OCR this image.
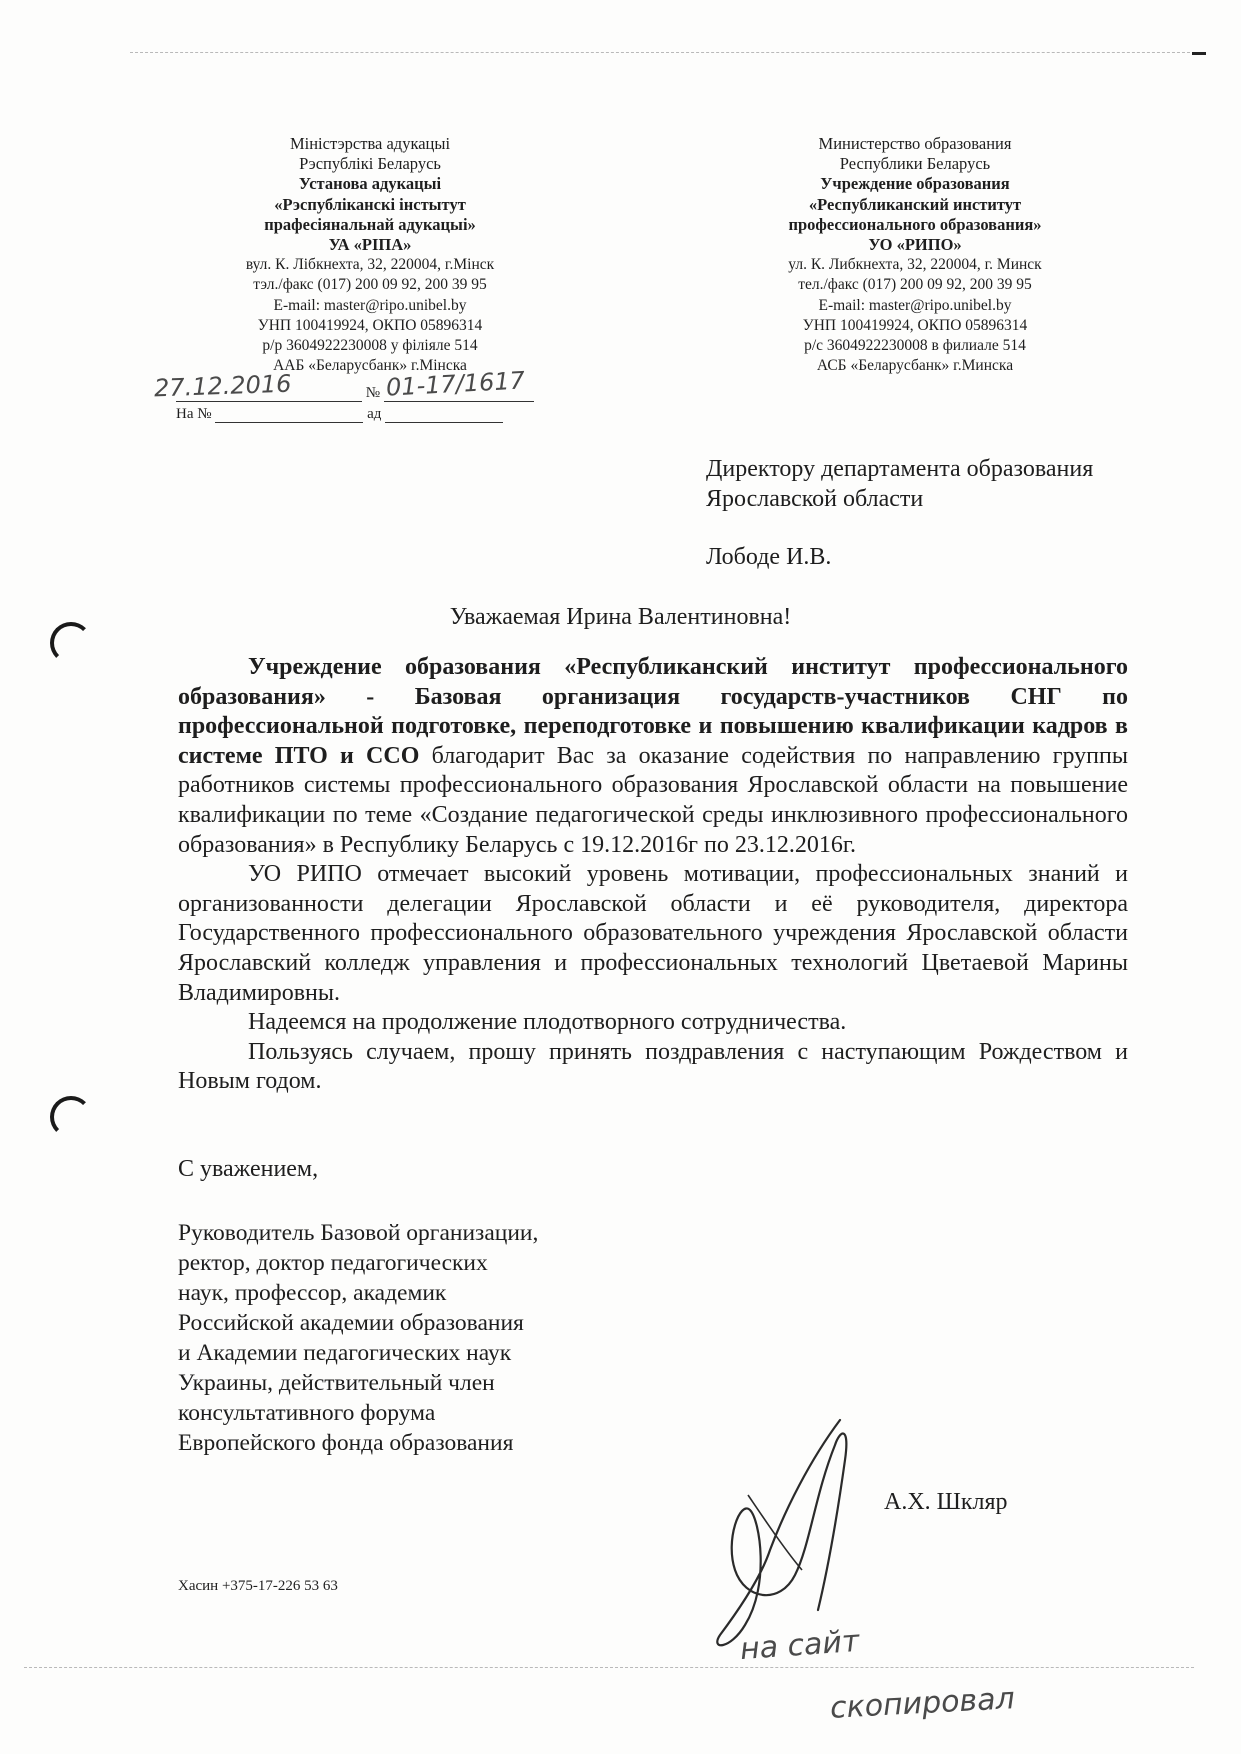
Міністэрства адукацыі
Рэспублікі Беларусь
Установа адукацыі
«Рэспубліканскі інстытут
прафесіянальнай адукацыі»
УА «РІПА»
вул. К. Лібкнехта, 32, 220004, г.Мінск
тэл./факс (017) 200 09 92, 200 39 95
E-mail: master@ripo.unibel.by
УНП 100419924, ОКПО 05896314
р/р 3604922230008 у філіяле 514
ААБ «Беларусбанк» г.Мінска
Министерство образования
Республики Беларусь
Учреждение образования
«Республиканский институт
профессионального образования»
УО «РИПО»
ул. К. Либкнехта, 32, 220004, г. Минск
тел./факс (017) 200 09 92, 200 39 95
E-mail: master@ripo.unibel.by
УНП 100419924, ОКПО 05896314
р/с 3604922230008 в филиале 514
АСБ «Беларусбанк» г.Минска
№
27.12.2016	01-17/1617
На №	ад
Директору департамента образования
Ярославской области
Лободе И.В.
Уважаемая Ирина Валентиновна!

Учреждение образования «Республиканский институт профессионального образования» - Базовая организация государств-участников СНГ по профессиональной подготовке, переподготовке и повышению квалификации кадров в системе ПТО и ССО благодарит Вас за оказание содействия по направлению группы работников системы профессионального образования Ярославской области на повышение квалификации по теме «Создание педагогической среды инклюзивного профессионального образования» в Республику Беларусь с 19.12.2016г по 23.12.2016г.

УО РИПО отмечает высокий уровень мотивации, профессиональных знаний и организованности делегации Ярославской области и её руководителя, директора Государственного профессионального образовательного учреждения Ярославской области Ярославский колледж управления и профессиональных технологий Цветаевой Марины Владимировны.

Надеемся на продолжение плодотворного сотрудничества.

Пользуясь случаем, прошу принять поздравления с наступающим Рождеством и Новым годом.

С уважением,
Руководитель Базовой организации,
ректор, доктор педагогических
наук, профессор, академик
Российской академии образования
и Академии педагогических наук
Украины, действительный член
консультативного форума
Европейского фонда образования
А.Х. Шкляр
Хасин +375-17-226 53 63
на сайт
скопировал
